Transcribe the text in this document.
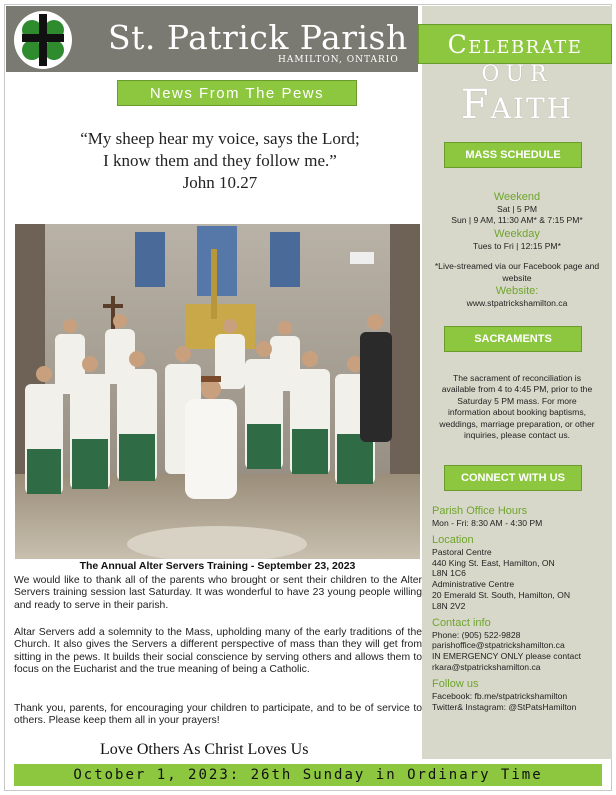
St. Patrick Parish
HAMILTON, ONTARIO
News From The Pews
“My sheep hear my voice, says the Lord;
I know them and they follow me.”
John 10.27
The Annual Alter Servers Training - September 23, 2023
We would like to thank all of the parents who brought or sent their children to the Alter Servers training session last Saturday. It was wonderful to have 23 young people willing and ready to serve in their parish.
Altar Servers add a solemnity to the Mass, upholding many of the early traditions of the Church. It also gives the Servers a different perspective of mass than they will get from sitting in the pews. It builds their social conscience by serving others and allows them to focus on the Eucharist and the true meaning of being a Catholic.
Thank you, parents, for encouraging your children to participate, and to be of service to others. Please keep them all in your prayers!
Love Others As Christ Loves Us
October 1, 2023: 26th Sunday in Ordinary Time
Celebrate
OUR
Faith
MASS SCHEDULE
Weekend
Sat | 5 PM
Sun | 9 AM, 11:30 AM* & 7:15 PM*
Weekday
Tues to Fri | 12:15 PM*
*Live-streamed via our Facebook page and website
Website:
www.stpatrickshamilton.ca
SACRAMENTS
The sacrament of reconciliation is available from 4 to 4:45 PM, prior to the Saturday 5 PM mass. For more information about booking baptisms, weddings, marriage preparation, or other inquiries, please contact us.
CONNECT WITH US
Parish Office Hours
Mon - Fri: 8:30 AM - 4:30 PM
Location
Pastoral Centre
440 King St. East, Hamilton, ON
L8N 1C6
Administrative Centre
20 Emerald St. South, Hamilton, ON
L8N 2V2
Contact info
Phone: (905) 522-9828
parishoffice@stpatrickshamilton.ca
IN EMERGENCY ONLY please contact
rkara@stpatrickshamilton.ca
Follow us
Facebook: fb.me/stpatrickshamilton
Twitter& Instagram: @StPatsHamilton
